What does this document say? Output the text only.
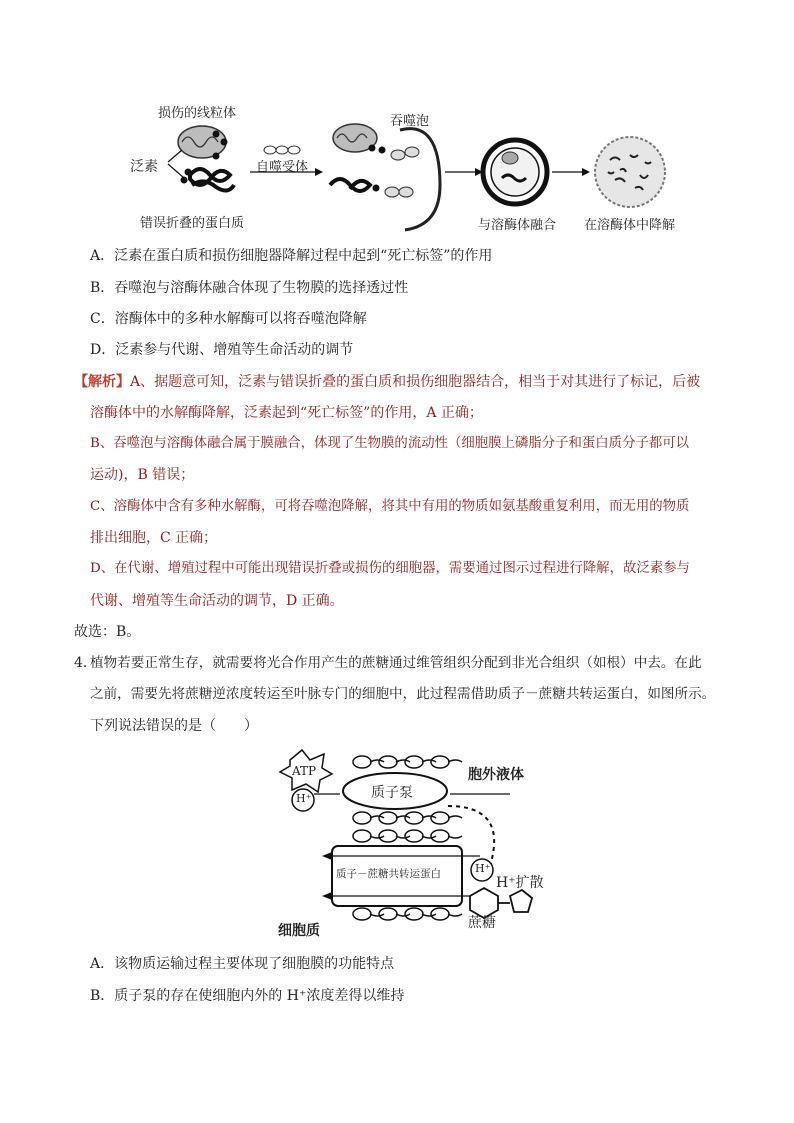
损伤的线粒体
泛素
错误折叠的蛋白质
自噬受体
吞噬泡
与溶酶体融合 在溶酶体中降解
A．泛素在蛋白质和损伤细胞器降解过程中起到“死亡标签”的作用
B．吞噬泡与溶酶体融合体现了生物膜的选择透过性
C．溶酶体中的多种水解酶可以将吞噬泡降解
D．泛素参与代谢、增殖等生命活动的调节
【解析】A、据题意可知，泛素与错误折叠的蛋白质和损伤细胞器结合，相当于对其进行了标记，后被
溶酶体中的水解酶降解，泛素起到“死亡标签”的作用，A 正确；
B、吞噬泡与溶酶体融合属于膜融合，体现了生物膜的流动性（细胞膜上磷脂分子和蛋白质分子都可以
运动)，B 错误；
C、溶酶体中含有多种水解酶，可将吞噬泡降解，将其中有用的物质如氨基酸重复利用，而无用的物质
排出细胞，C 正确；
D、在代谢、增殖过程中可能出现错误折叠或损伤的细胞器，需要通过图示过程进行降解，故泛素参与
代谢、增殖等生命活动的调节，D 正确。
故选：B。
4. 植物若要正常生存，就需要将光合作用产生的蔗糖通过维管组织分配到非光合组织（如根）中去。在此
之前，需要先将蔗糖逆浓度转运至叶脉专门的细胞中，此过程需借助质子－蔗糖共转运蛋白，如图所示。
下列说法错误的是（　　）
ATP
H⁺	质子泵
胞外液体
H⁺
H⁺扩散
质子－蔗糖共转运蛋白
蔗糖
细胞质
A．该物质运输过程主要体现了细胞膜的功能特点
B．质子泵的存在使细胞内外的 H⁺浓度差得以维持
